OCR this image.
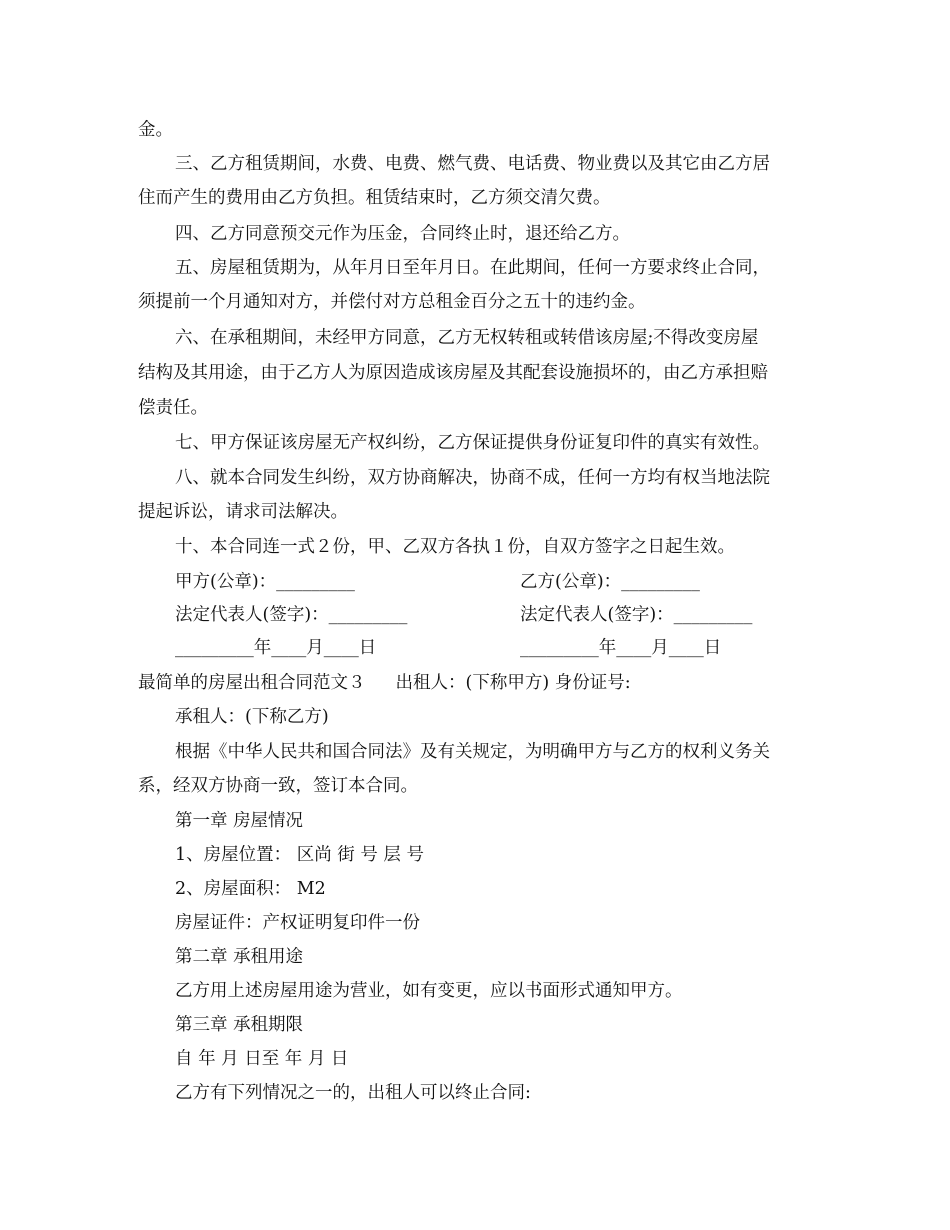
金。
三、乙方租赁期间，水费、电费、燃气费、电话费、物业费以及其它由乙方居
住而产生的费用由乙方负担。租赁结束时，乙方须交清欠费。
四、乙方同意预交元作为压金，合同终止时，退还给乙方。
五、房屋租赁期为，从年月日至年月日。在此期间，任何一方要求终止合同，
须提前一个月通知对方，并偿付对方总租金百分之五十的违约金。
六、在承租期间，未经甲方同意，乙方无权转租或转借该房屋;不得改变房屋
结构及其用途，由于乙方人为原因造成该房屋及其配套设施损坏的，由乙方承担赔
偿责任。
七、甲方保证该房屋无产权纠纷，乙方保证提供身份证复印件的真实有效性。
八、就本合同发生纠纷，双方协商解决，协商不成，任何一方均有权当地法院
提起诉讼，请求司法解决。
十、本合同连一式２份，甲、乙双方各执１份，自双方签字之日起生效。
甲方(公章)：_________	乙方(公章)：_________
法定代表人(签字)：_________	法定代表人(签字)：_________
_________年____月____日	_________年____月____日
最简单的房屋出租合同范文３ 出租人：(下称甲方) 身份证号:
承租人：(下称乙方)
根据《中华人民共和国合同法》及有关规定，为明确甲方与乙方的权利义务关
系，经双方协商一致，签订本合同。
第一章 房屋情况
1、房屋位置： 区尚 街 号 层 号
2、房屋面积： M2
房屋证件：产权证明复印件一份
第二章 承租用途
乙方用上述房屋用途为营业，如有变更，应以书面形式通知甲方。
第三章 承租期限
自 年 月 日至 年 月 日
乙方有下列情况之一的，出租人可以终止合同:
